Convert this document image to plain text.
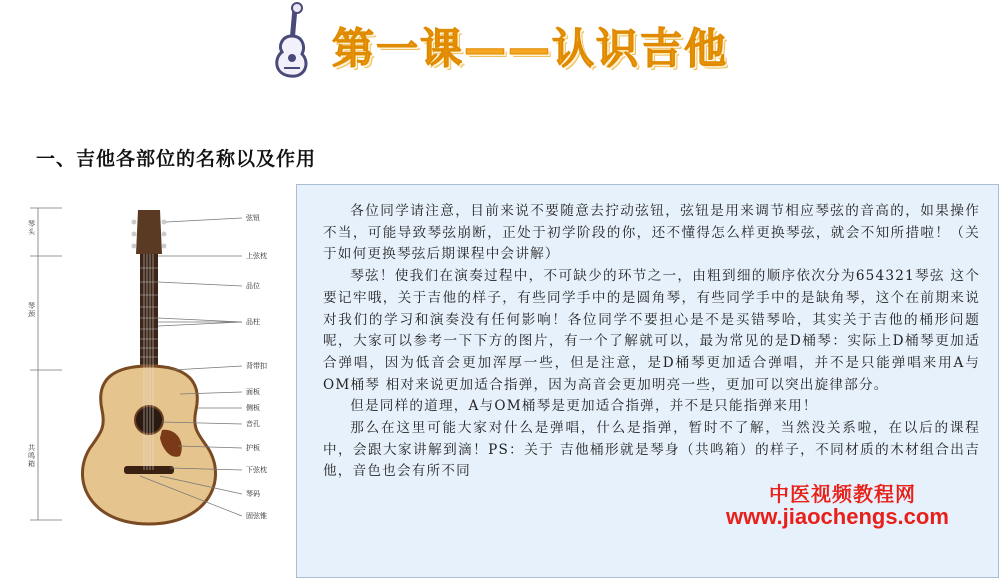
第一课——认识吉他
一、吉他各部位的名称以及作用
琴头
琴颈
共鸣箱
弦钮
上弦枕
品位
品柱
背带扣
面板
侧板
音孔
护板
下弦枕
琴码
固弦锥

各位同学请注意，目前来说不要随意去拧动弦钮，弦钮是用来调节相应琴弦的音高的，如果操作不当，可能导致琴弦崩断，正处于初学阶段的你，还不懂得怎么样更换琴弦，就会不知所措啦！（关于如何更换琴弦后期课程中会讲解）

琴弦！使我们在演奏过程中，不可缺少的环节之一，由粗到细的顺序依次分为654321琴弦 这个要记牢哦，关于吉他的样子，有些同学手中的是圆角琴，有些同学手中的是缺角琴，这个在前期来说对我们的学习和演奏没有任何影响！各位同学不要担心是不是买错琴哈，其实关于吉他的桶形问题呢，大家可以参考一下下方的图片，有一个了解就可以，最为常见的是D桶琴：实际上D桶琴更加适合弹唱，因为低音会更加浑厚一些，但是注意，是D桶琴更加适合弹唱，并不是只能弹唱来用A与OM桶琴 相对来说更加适合指弹，因为高音会更加明亮一些，更加可以突出旋律部分。

但是同样的道理，A与OM桶琴是更加适合指弹，并不是只能指弹来用！

那么在这里可能大家对什么是弹唱，什么是指弹，暂时不了解，当然没关系啦，在以后的课程中，会跟大家讲解到滴！PS：关于 吉他桶形就是琴身（共鸣箱）的样子，不同材质的木材组合出吉他，音色也会有所不同

中医视频教程网
www.jiaochengs.com
